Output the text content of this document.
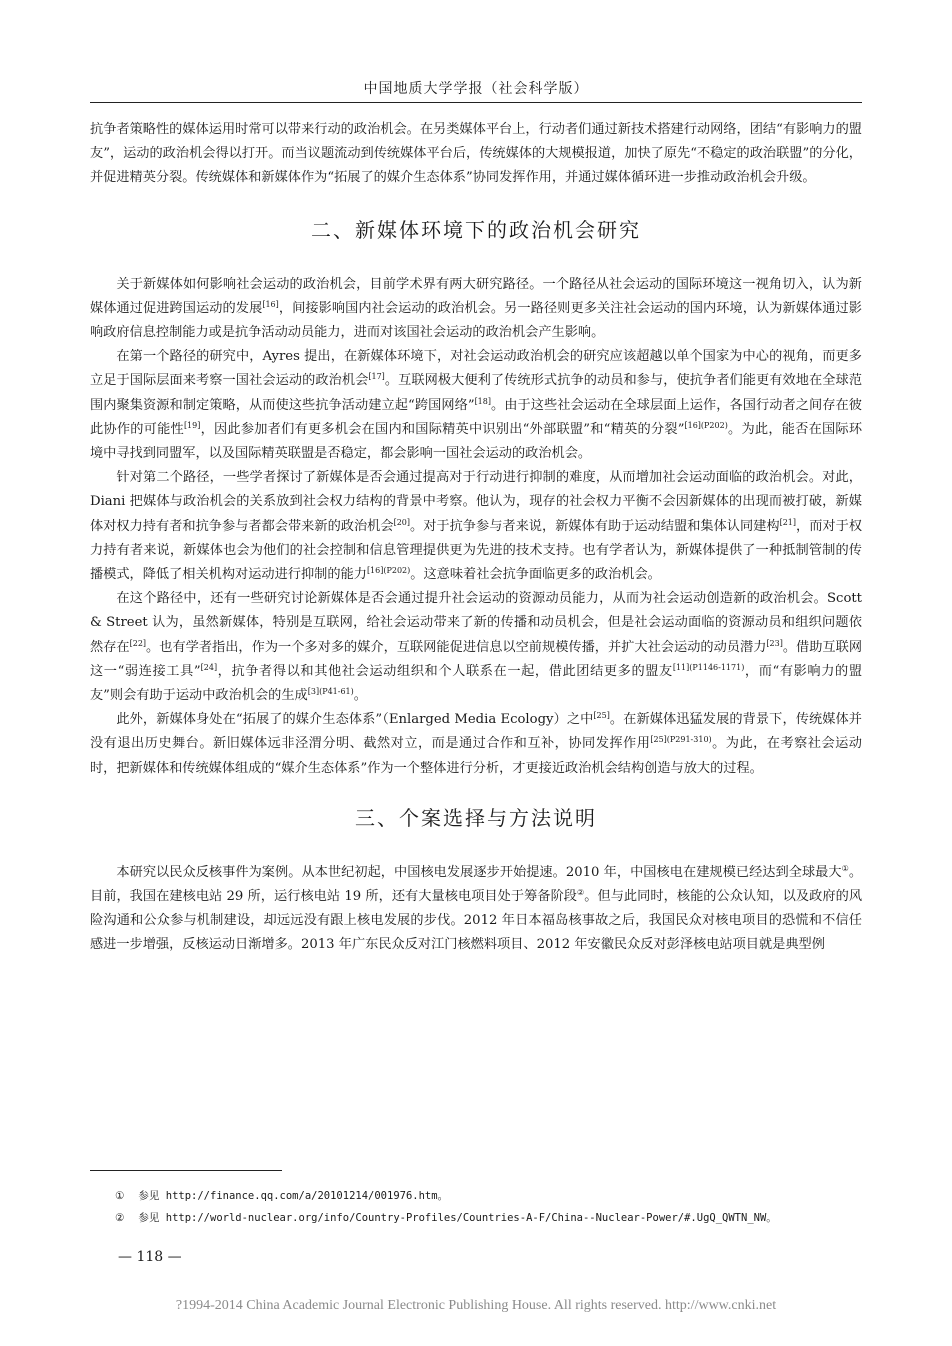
中国地质大学学报（社会科学版）

抗争者策略性的媒体运用时常可以带来行动的政治机会。在另类媒体平台上，行动者们通过新技术搭建行动网络，团结“有影响力的盟友”，运动的政治机会得以打开。而当议题流动到传统媒体平台后，传统媒体的大规模报道，加快了原先“不稳定的政治联盟”的分化，并促进精英分裂。传统媒体和新媒体作为“拓展了的媒介生态体系”协同发挥作用，并通过媒体循环进一步推动政治机会升级。

二、新媒体环境下的政治机会研究

关于新媒体如何影响社会运动的政治机会，目前学术界有两大研究路径。一个路径从社会运动的国际环境这一视角切入，认为新媒体通过促进跨国运动的发展[16]，间接影响国内社会运动的政治机会。另一路径则更多关注社会运动的国内环境，认为新媒体通过影响政府信息控制能力或是抗争活动动员能力，进而对该国社会运动的政治机会产生影响。

在第一个路径的研究中，Ayres 提出，在新媒体环境下，对社会运动政治机会的研究应该超越以单个国家为中心的视角，而更多立足于国际层面来考察一国社会运动的政治机会[17]。互联网极大便利了传统形式抗争的动员和参与，使抗争者们能更有效地在全球范围内聚集资源和制定策略，从而使这些抗争活动建立起“跨国网络”[18]。由于这些社会运动在全球层面上运作，各国行动者之间存在彼此协作的可能性[19]，因此参加者们有更多机会在国内和国际精英中识别出“外部联盟”和“精英的分裂”$^{[16](P202)}$。为此，能否在国际环境中寻找到同盟军，以及国际精英联盟是否稳定，都会影响一国社会运动的政治机会。

针对第二个路径，一些学者探讨了新媒体是否会通过提高对于行动进行抑制的难度，从而增加社会运动面临的政治机会。对此，Diani 把媒体与政治机会的关系放到社会权力结构的背景中考察。他认为，现存的社会权力平衡不会因新媒体的出现而被打破，新媒体对权力持有者和抗争参与者都会带来新的政治机会[20]。对于抗争参与者来说，新媒体有助于运动结盟和集体认同建构[21]，而对于权力持有者来说，新媒体也会为他们的社会控制和信息管理提供更为先进的技术支持。也有学者认为，新媒体提供了一种抵制管制的传播模式，降低了相关机构对运动进行抑制的能力$^{[16](P202)}$。这意味着社会抗争面临更多的政治机会。

在这个路径中，还有一些研究讨论新媒体是否会通过提升社会运动的资源动员能力，从而为社会运动创造新的政治机会。Scott & Street 认为，虽然新媒体，特别是互联网，给社会运动带来了新的传播和动员机会，但是社会运动面临的资源动员和组织问题依然存在[22]。也有学者指出，作为一个多对多的媒介，互联网能促进信息以空前规模传播，并扩大社会运动的动员潜力[23]。借助互联网这一“弱连接工具”[24]，抗争者得以和其他社会运动组织和个人联系在一起，借此团结更多的盟友$^{[11](P1146-1171)}$，而“有影响力的盟友”则会有助于运动中政治机会的生成$^{[3](P41-61)}$。

此外，新媒体身处在“拓展了的媒介生态体系”（Enlarged Media Ecology）之中[25]。在新媒体迅猛发展的背景下，传统媒体并没有退出历史舞台。新旧媒体远非泾渭分明、截然对立，而是通过合作和互补，协同发挥作用$^{[25](P291-310)}$。为此，在考察社会运动时，把新媒体和传统媒体组成的“媒介生态体系”作为一个整体进行分析，才更接近政治机会结构创造与放大的过程。

三、个案选择与方法说明

本研究以民众反核事件为案例。从本世纪初起，中国核电发展逐步开始提速。2010 年，中国核电在建规模已经达到全球最大①。目前，我国在建核电站 29 所，运行核电站 19 所，还有大量核电项目处于筹备阶段②。但与此同时，核能的公众认知，以及政府的风险沟通和公众参与机制建设，却远远没有跟上核电发展的步伐。2012 年日本福岛核事故之后，我国民众对核电项目的恐慌和不信任感进一步增强，反核运动日渐增多。2013 年广东民众反对江门核燃料项目、2012 年安徽民众反对彭泽核电站项目就是典型例

① 参见 http://finance.qq.com/a/20101214/001976.htm。
② 参见 http://world-nuclear.org/info/Country-Profiles/Countries-A-F/China--Nuclear-Power/#.UgQ_QWTN_NW。
— 118 —
?1994-2014 China Academic Journal Electronic Publishing House. All rights reserved. http://www.cnki.net
